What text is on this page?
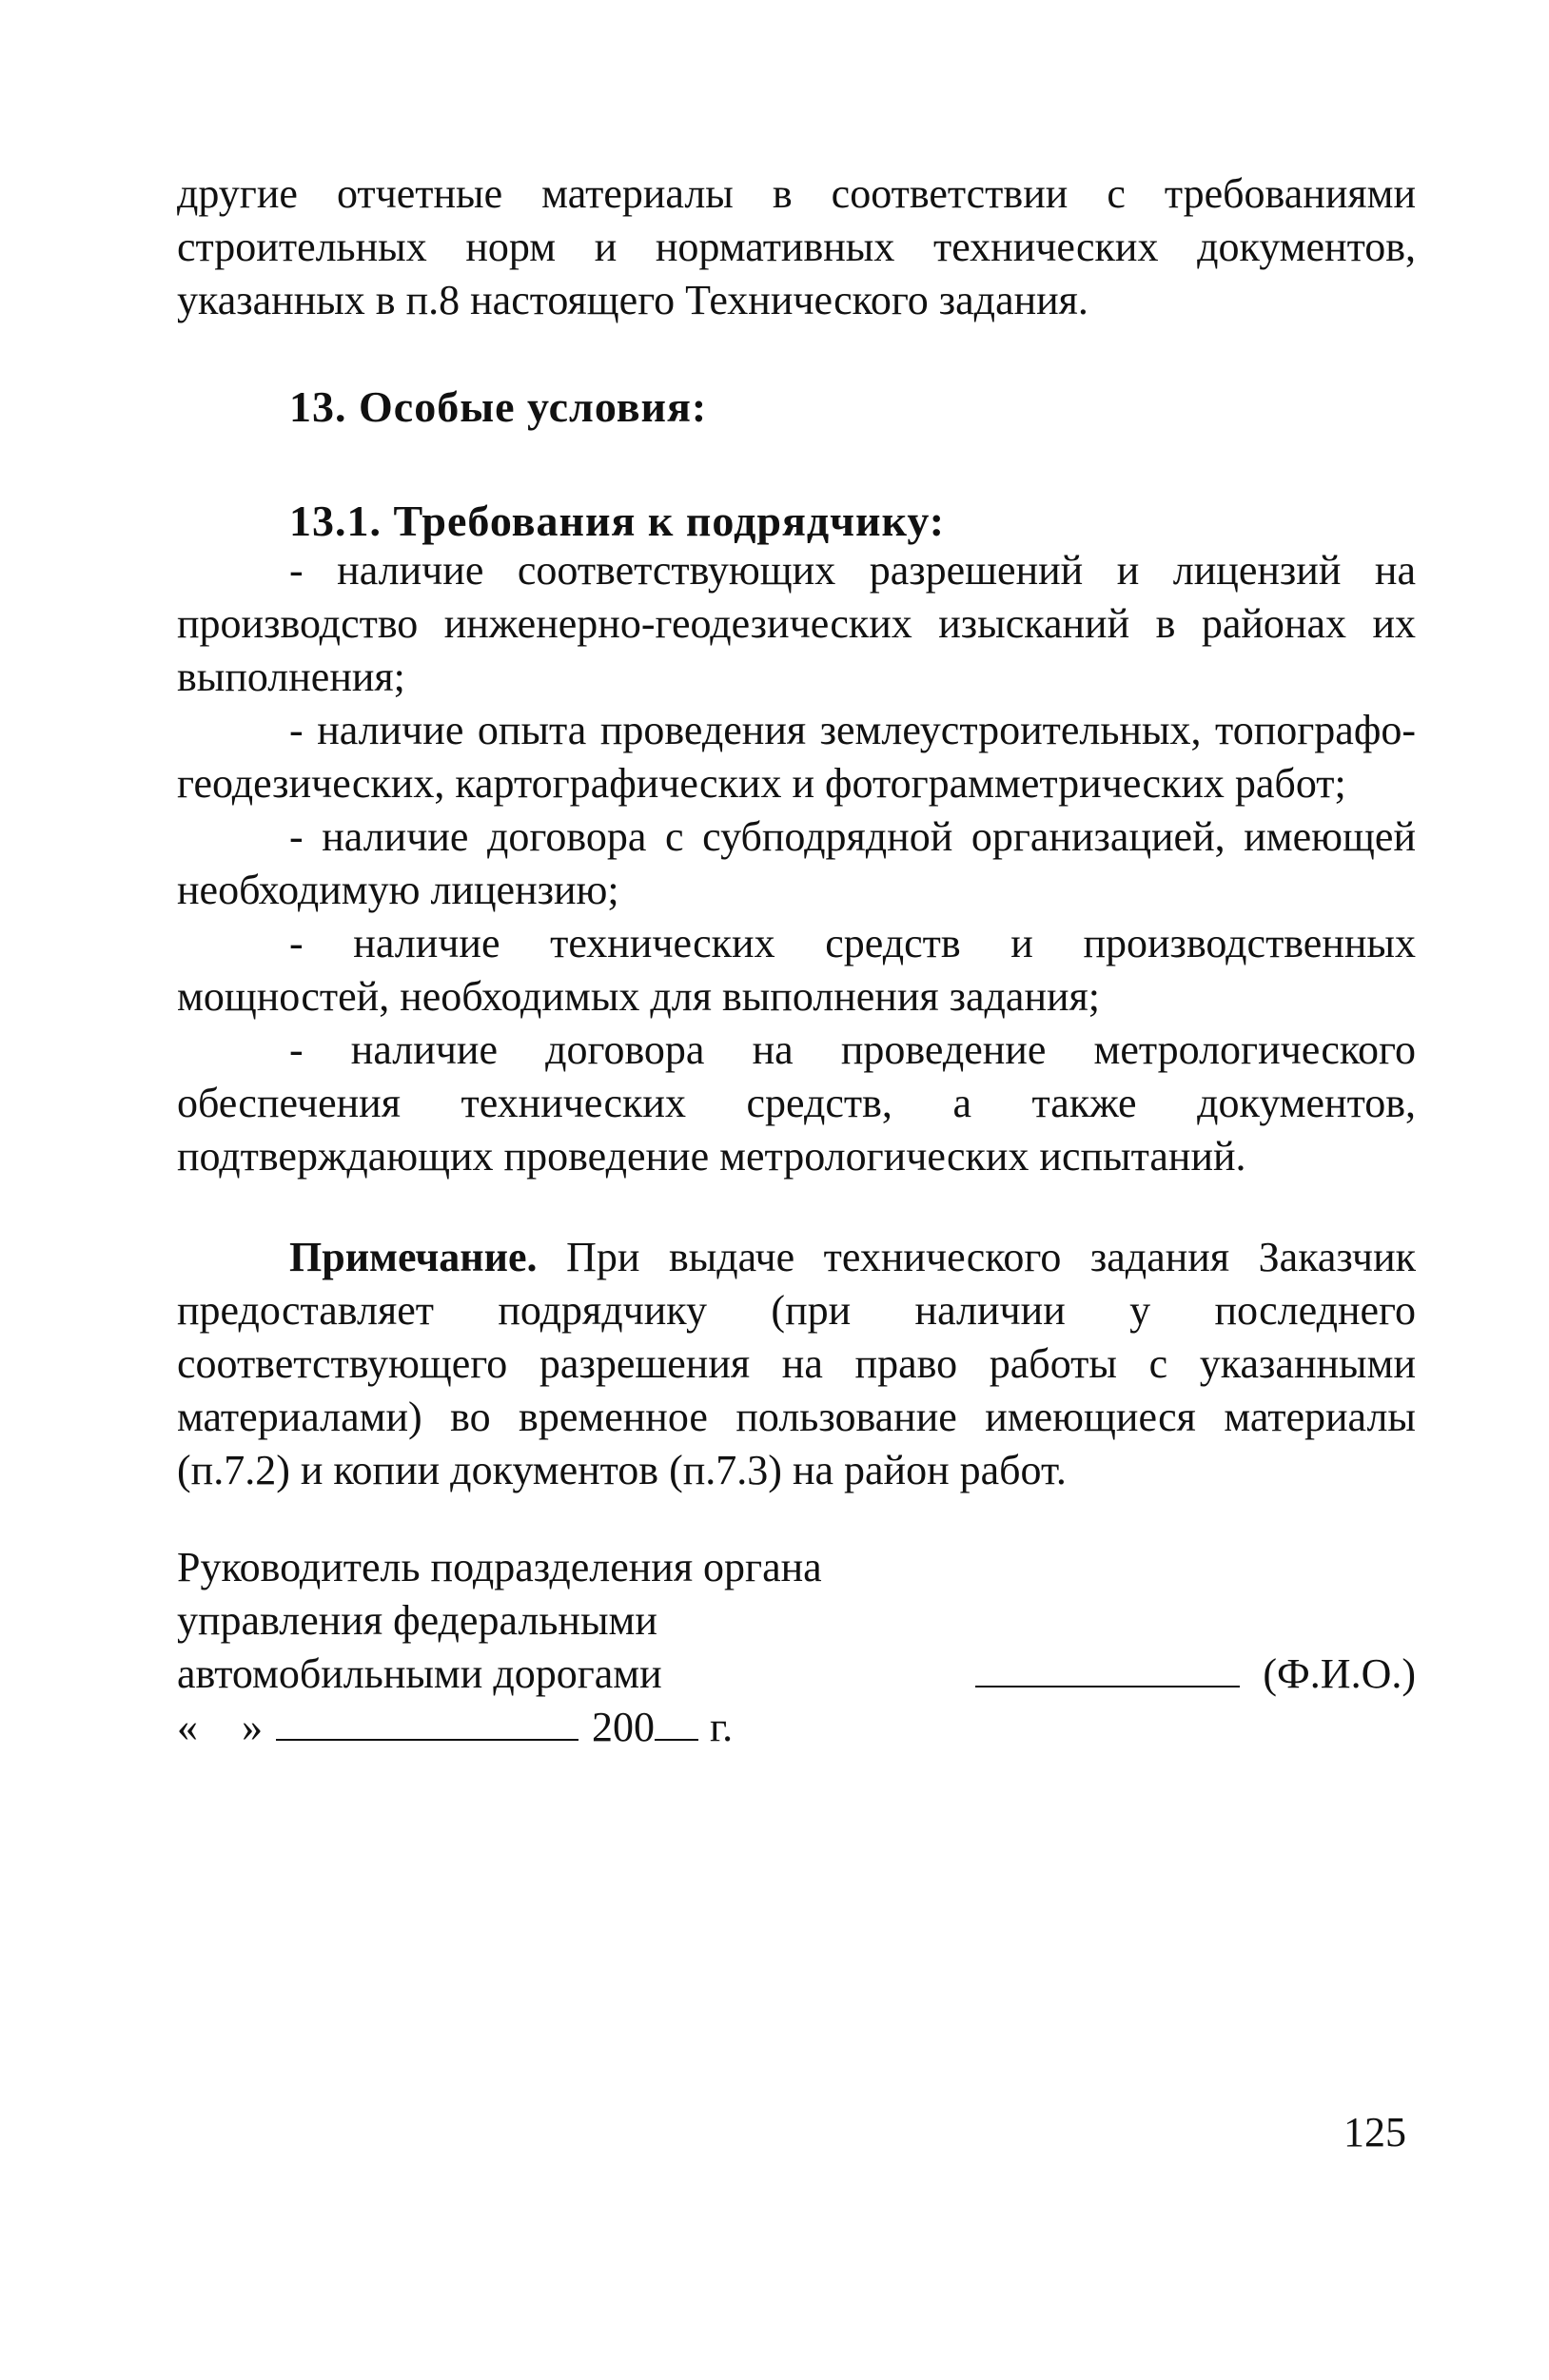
другие отчетные материалы в соответствии с требованиями строительных норм и нормативных технических документов, указанных в п.8 настоящего Технического задания.
13. Особые условия:
13.1. Требования к подрядчику:

- наличие соответствующих разрешений и лицензий на производство инженерно-геодезических изысканий в районах их выполнения;

- наличие опыта проведения землеустроительных, топографо-геодезических, картографических и фотограмметрических работ;

- наличие договора с субподрядной организацией, имеющей необходимую лицензию;

- наличие технических средств и производственных мощностей, необходимых для выполнения задания;

- наличие договора на проведение метрологического обеспечения технических средств, а также документов, подтверждающих проведение метрологических испытаний.

Примечание. При выдаче технического задания Заказчик предоставляет подрядчику (при наличии у последнего соответствующего разрешения на право работы с указанными материалами) во временное пользование имеющиеся материалы (п.7.2) и копии документов (п.7.3) на район работ.
Руководитель подразделения органа
управления федеральными
автомобильными дорогами	(Ф.И.О.)
« »	200 г.
125
